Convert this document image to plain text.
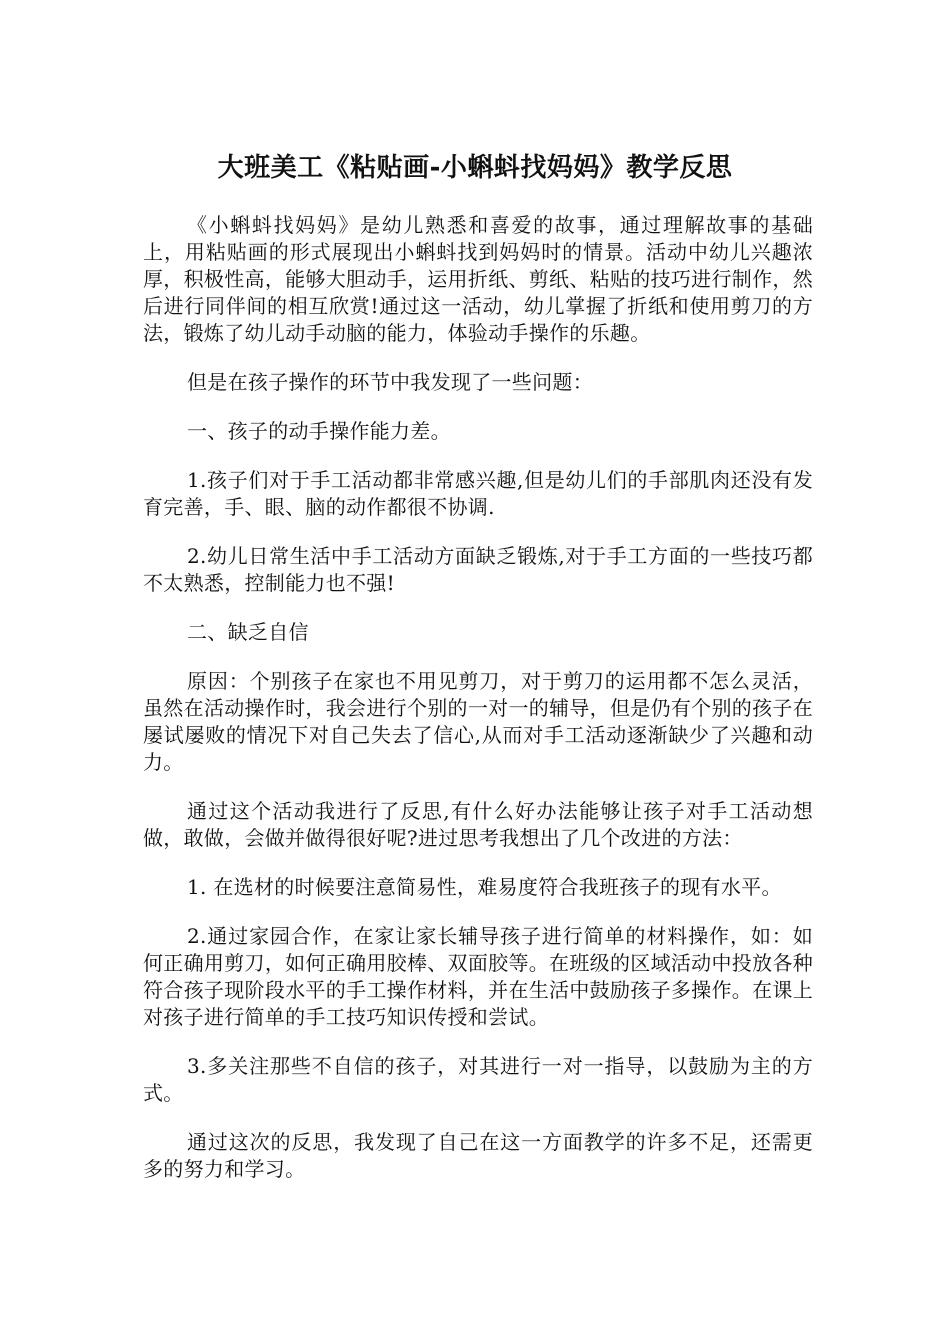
大班美工《粘贴画-小蝌蚪找妈妈》教学反思

《小蝌蚪找妈妈》是幼儿熟悉和喜爱的故事，通过理解故事的基础上，用粘贴画的形式展现出小蝌蚪找到妈妈时的情景。活动中幼儿兴趣浓厚，积极性高，能够大胆动手，运用折纸、剪纸、粘贴的技巧进行制作，然后进行同伴间的相互欣赏!通过这一活动，幼儿掌握了折纸和使用剪刀的方法，锻炼了幼儿动手动脑的能力，体验动手操作的乐趣。

但是在孩子操作的环节中我发现了一些问题：

一、孩子的动手操作能力差。

1.孩子们对于手工活动都非常感兴趣,但是幼儿们的手部肌肉还没有发育完善，手、眼、脑的动作都很不协调.

2.幼儿日常生活中手工活动方面缺乏锻炼,对于手工方面的一些技巧都不太熟悉，控制能力也不强!

二、缺乏自信

原因：个别孩子在家也不用见剪刀，对于剪刀的运用都不怎么灵活，虽然在活动操作时，我会进行个别的一对一的辅导，但是仍有个别的孩子在屡试屡败的情况下对自己失去了信心,从而对手工活动逐渐缺少了兴趣和动力。

通过这个活动我进行了反思,有什么好办法能够让孩子对手工活动想做，敢做，会做并做得很好呢?进过思考我想出了几个改进的方法：

1. 在选材的时候要注意简易性，难易度符合我班孩子的现有水平。

2.通过家园合作，在家让家长辅导孩子进行简单的材料操作，如：如何正确用剪刀，如何正确用胶棒、双面胶等。在班级的区域活动中投放各种符合孩子现阶段水平的手工操作材料，并在生活中鼓励孩子多操作。在课上对孩子进行简单的手工技巧知识传授和尝试。

3.多关注那些不自信的孩子，对其进行一对一指导，以鼓励为主的方式。

通过这次的反思，我发现了自己在这一方面教学的许多不足，还需更多的努力和学习。
